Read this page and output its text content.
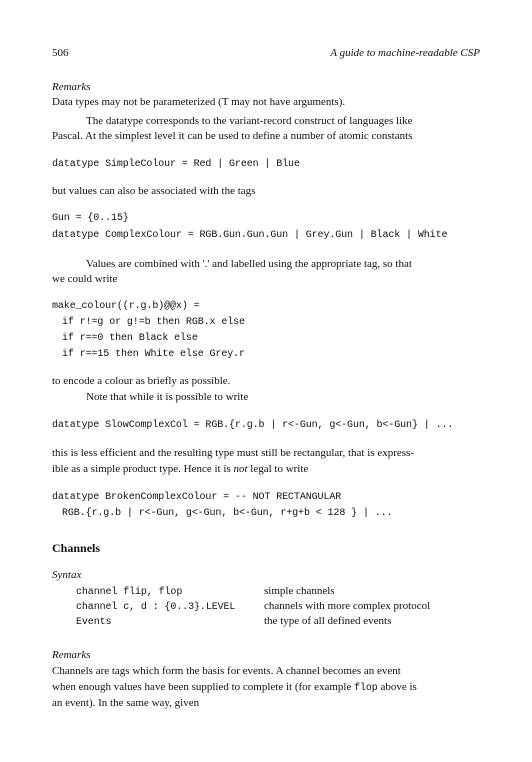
506	A guide to machine-readable CSP
Remarks
Data types may not be parameterized (T may not have arguments).
The datatype corresponds to the variant-record construct of languages like
Pascal. At the simplest level it can be used to define a number of atomic constants
datatype SimpleColour = Red | Green | Blue
but values can also be associated with the tags
Gun = {0..15}
datatype ComplexColour = RGB.Gun.Gun.Gun | Grey.Gun | Black | White
Values are combined with '.' and labelled using the appropriate tag, so that
we could write
make_colour((r.g.b)@@x) =
if r!=g or g!=b then RGB.x else
if r==0 then Black else
if r==15 then White else Grey.r
to encode a colour as briefly as possible.
Note that while it is possible to write
datatype SlowComplexCol = RGB.{r.g.b | r<-Gun, g<-Gun, b<-Gun} | ...
this is less efficient and the resulting type must still be rectangular, that is express-
ible as a simple product type. Hence it is not legal to write
datatype BrokenComplexColour = -- NOT RECTANGULAR
RGB.{r.g.b | r<-Gun, g<-Gun, b<-Gun, r+g+b < 128 } | ...
Channels
Syntax
channel flip, flop	simple channels
channel c, d : {0..3}.LEVEL	channels with more complex protocol
Events	the type of all defined events
Remarks
Channels are tags which form the basis for events. A channel becomes an event
when enough values have been supplied to complete it (for example flop above is
an event). In the same way, given
